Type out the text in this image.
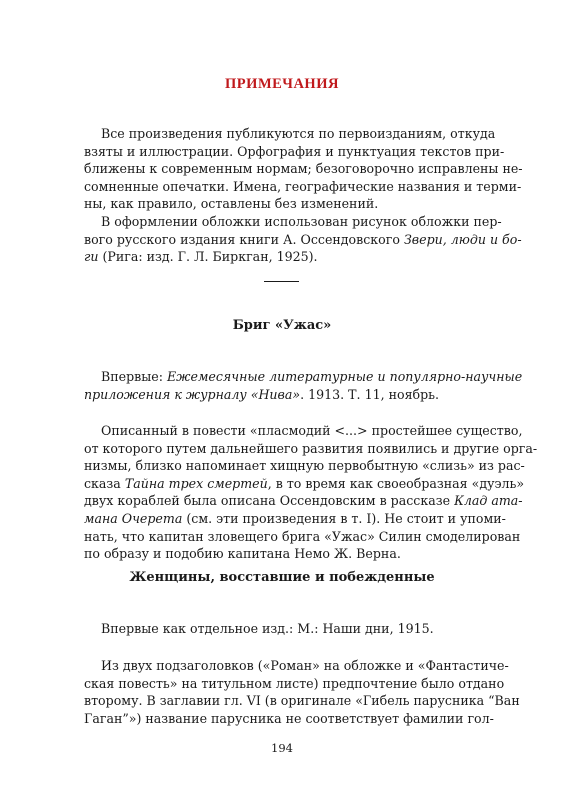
ПРИМЕЧАНИЯ
Все произведения публикуются по первоизданиям, откуда
взяты и иллюстрации. Орфография и пунктуация текстов при-
ближены к современным нормам; безоговорочно исправлены не-
сомненные опечатки. Имена, географические названия и терми-
ны, как правило, оставлены без изменений.
В оформлении обложки использован рисунок обложки пер-
вого русского издания книги А. Оссендовского Звери, люди и бо-
ги (Рига: изд. Г. Л. Биркган, 1925).
Бриг «Ужас»
Впервые: Ежемесячные литературные и популярно-научные
приложения к журналу «Нива». 1913. Т. 11, ноябрь.
Описанный в повести «пласмодий <...> простейшее существо,
от которого путем дальнейшего развития появились и другие орга-
низмы, близко напоминает хищную первобытную «слизь» из рас-
сказа Тайна трех смертей, в то время как своеобразная «дуэль»
двух кораблей была описана Оссендовским в рассказе Клад ата-
мана Очерета (см. эти произведения в т. I). Не стоит и упоми-
нать, что капитан зловещего брига «Ужас» Силин смоделирован
по образу и подобию капитана Немо Ж. Верна.
Женщины, восставшие и побежденные
Впервые как отдельное изд.: М.: Наши дни, 1915.
Из двух подзаголовков («Роман» на обложке и «Фантастиче-
ская повесть» на титульном листе) предпочтение было отдано
второму. В заглавии гл. VI (в оригинале «Гибель парусника “Ван
Гаган”») название парусника не соответствует фамилии гол-
194
